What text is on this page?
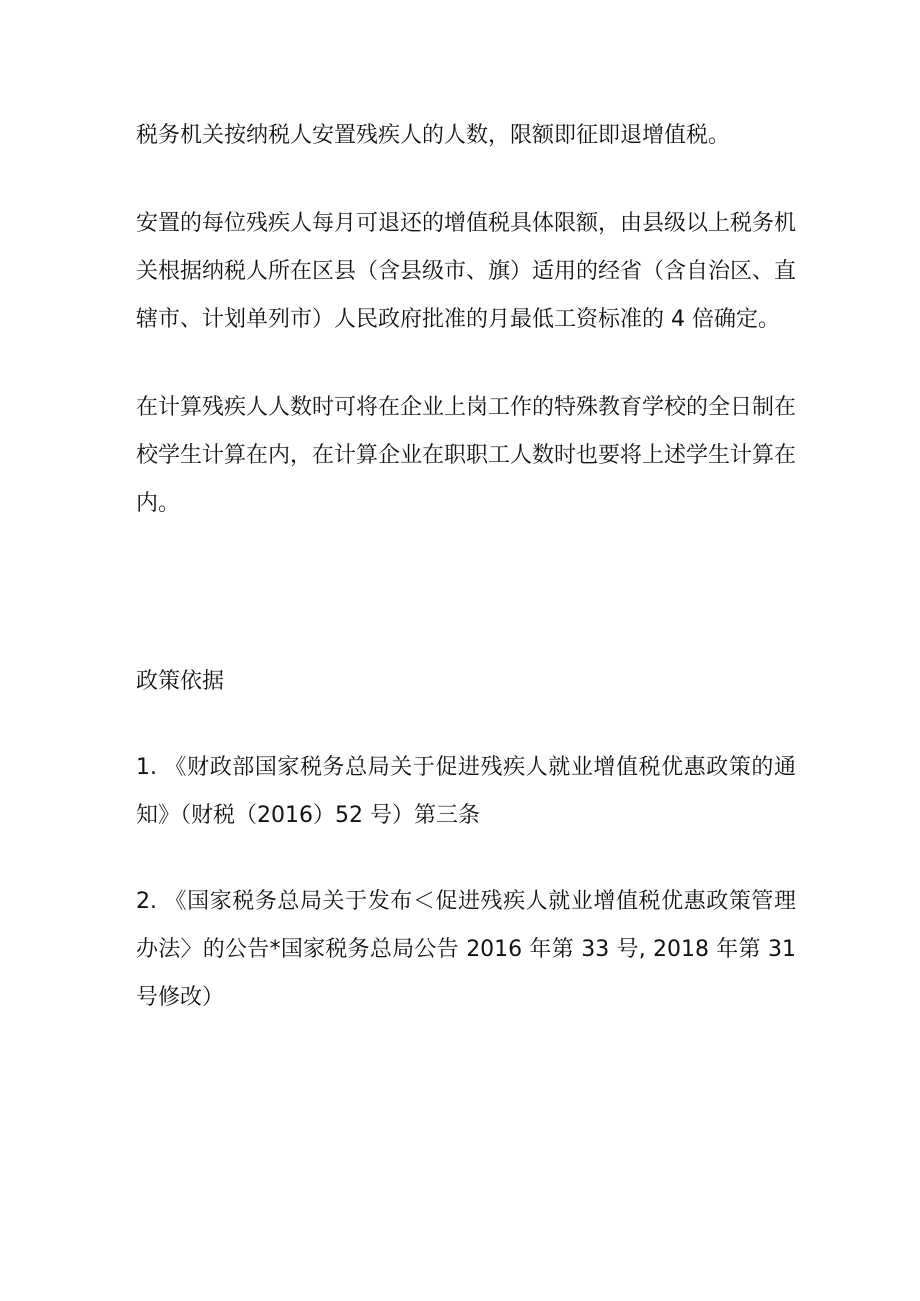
税务机关按纳税人安置残疾人的人数，限额即征即退增值税。

安置的每位残疾人每月可退还的增值税具体限额，由县级以上税务机关根据纳税人所在区县（含县级市、旗）适用的经省（含自治区、直辖市、计划单列市）人民政府批准的月最低工资标准的 4 倍确定。

在计算残疾人人数时可将在企业上岗工作的特殊教育学校的全日制在校学生计算在内，在计算企业在职职工人数时也要将上述学生计算在内。

政策依据

1. 《财政部国家税务总局关于促进残疾人就业增值税优惠政策的通知》（财税（2016）52 号）第三条

2. 《国家税务总局关于发布＜促进残疾人就业增值税优惠政策管理办法〉的公告*国家税务总局公告 2016 年第 33 号, 2018 年第 31 号修改）
